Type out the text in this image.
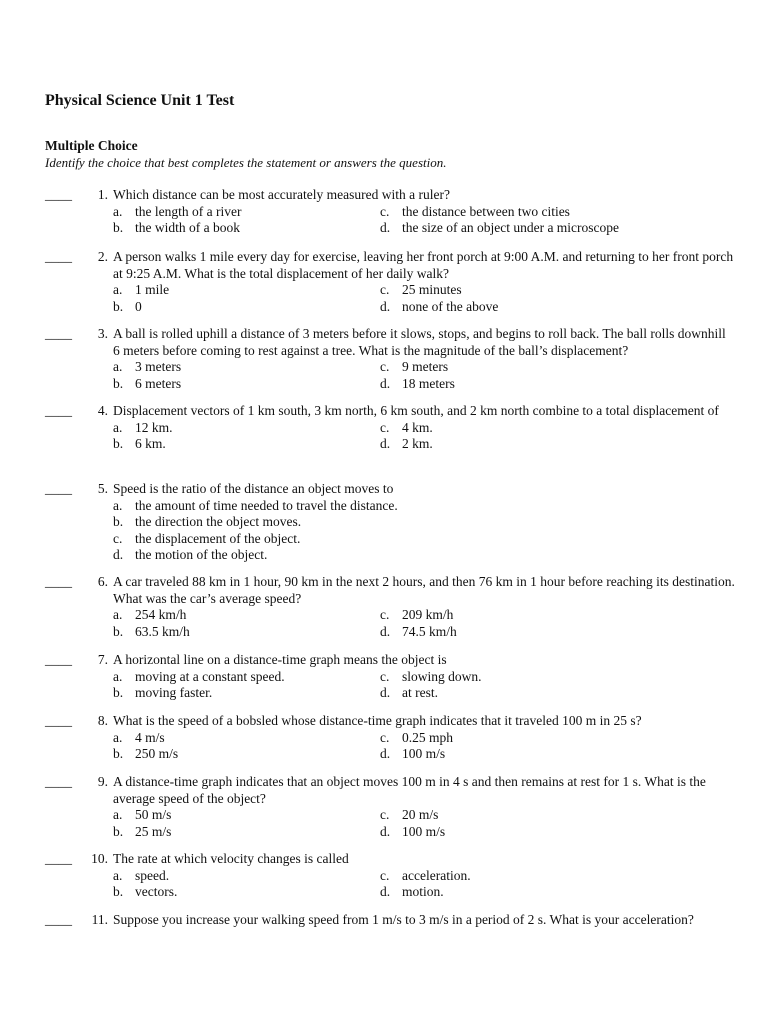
Physical Science Unit 1 Test
Multiple Choice
Identify the choice that best completes the statement or answers the question.
____	1. Which distance can be most accurately measured with a ruler?
a. the length of a river	c. the distance between two cities
b. the width of a book	d. the size of an object under a microscope
____	2. A person walks 1 mile every day for exercise, leaving her front porch at 9:00 A.M. and returning to her front porch at 9:25 A.M. What is the total displacement of her daily walk?
a. 1 mile	c. 25 minutes
b. 0	d. none of the above
____	3. A ball is rolled uphill a distance of 3 meters before it slows, stops, and begins to roll back. The ball rolls downhill 6 meters before coming to rest against a tree. What is the magnitude of the ball’s displacement?
a. 3 meters	c. 9 meters
b. 6 meters	d. 18 meters
____	4. Displacement vectors of 1 km south, 3 km north, 6 km south, and 2 km north combine to a total displacement of
a. 12 km.	c. 4 km.
b. 6 km.	d. 2 km.
____	5. Speed is the ratio of the distance an object moves to
a. the amount of time needed to travel the distance.
b. the direction the object moves.
c. the displacement of the object.
d. the motion of the object.
____	6. A car traveled 88 km in 1 hour, 90 km in the next 2 hours, and then 76 km in 1 hour before reaching its destination. What was the car’s average speed?
a. 254 km/h	c. 209 km/h
b. 63.5 km/h	d. 74.5 km/h
____	7. A horizontal line on a distance-time graph means the object is
a. moving at a constant speed.	c. slowing down.
b. moving faster.	d. at rest.
____	8. What is the speed of a bobsled whose distance-time graph indicates that it traveled 100 m in 25 s?
a. 4 m/s	c. 0.25 mph
b. 250 m/s	d. 100 m/s
____	9. A distance-time graph indicates that an object moves 100 m in 4 s and then remains at rest for 1 s. What is the average speed of the object?
a. 50 m/s	c. 20 m/s
b. 25 m/s	d. 100 m/s
____	10. The rate at which velocity changes is called
a. speed.	c. acceleration.
b. vectors.	d. motion.
____	11. Suppose you increase your walking speed from 1 m/s to 3 m/s in a period of 2 s. What is your acceleration?
